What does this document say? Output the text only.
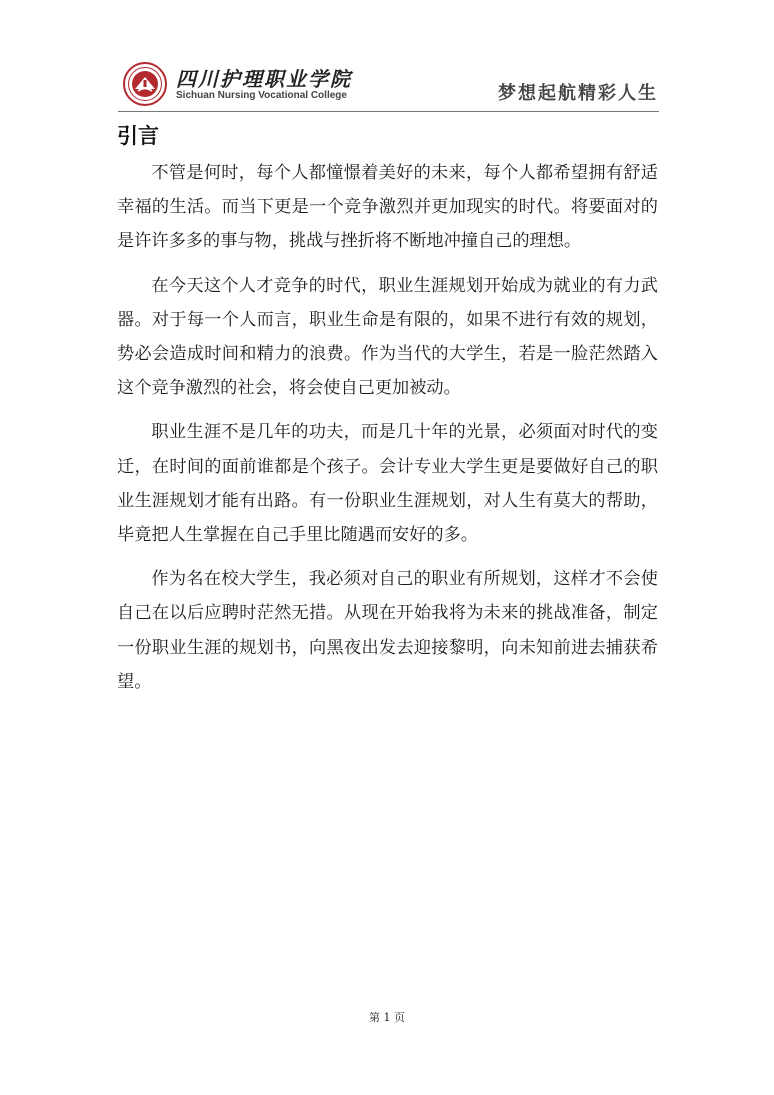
四川护理职业学院
Sichuan Nursing Vocational College	梦想起航精彩人生
引言

不管是何时，每个人都憧憬着美好的未来，每个人都希望拥有舒适幸福的生活。而当下更是一个竞争激烈并更加现实的时代。将要面对的是许许多多的事与物，挑战与挫折将不断地冲撞自己的理想。

在今天这个人才竞争的时代，职业生涯规划开始成为就业的有力武器。对于每一个人而言，职业生命是有限的，如果不进行有效的规划，势必会造成时间和精力的浪费。作为当代的大学生，若是一脸茫然踏入这个竞争激烈的社会，将会使自己更加被动。

职业生涯不是几年的功夫，而是几十年的光景，必须面对时代的变迁，在时间的面前谁都是个孩子。会计专业大学生更是要做好自己的职业生涯规划才能有出路。有一份职业生涯规划，对人生有莫大的帮助，毕竟把人生掌握在自己手里比随遇而安好的多。

作为名在校大学生，我必须对自己的职业有所规划，这样才不会使自己在以后应聘时茫然无措。从现在开始我将为未来的挑战准备，制定一份职业生涯的规划书，向黑夜出发去迎接黎明，向未知前进去捕获希望。

第 1 页
